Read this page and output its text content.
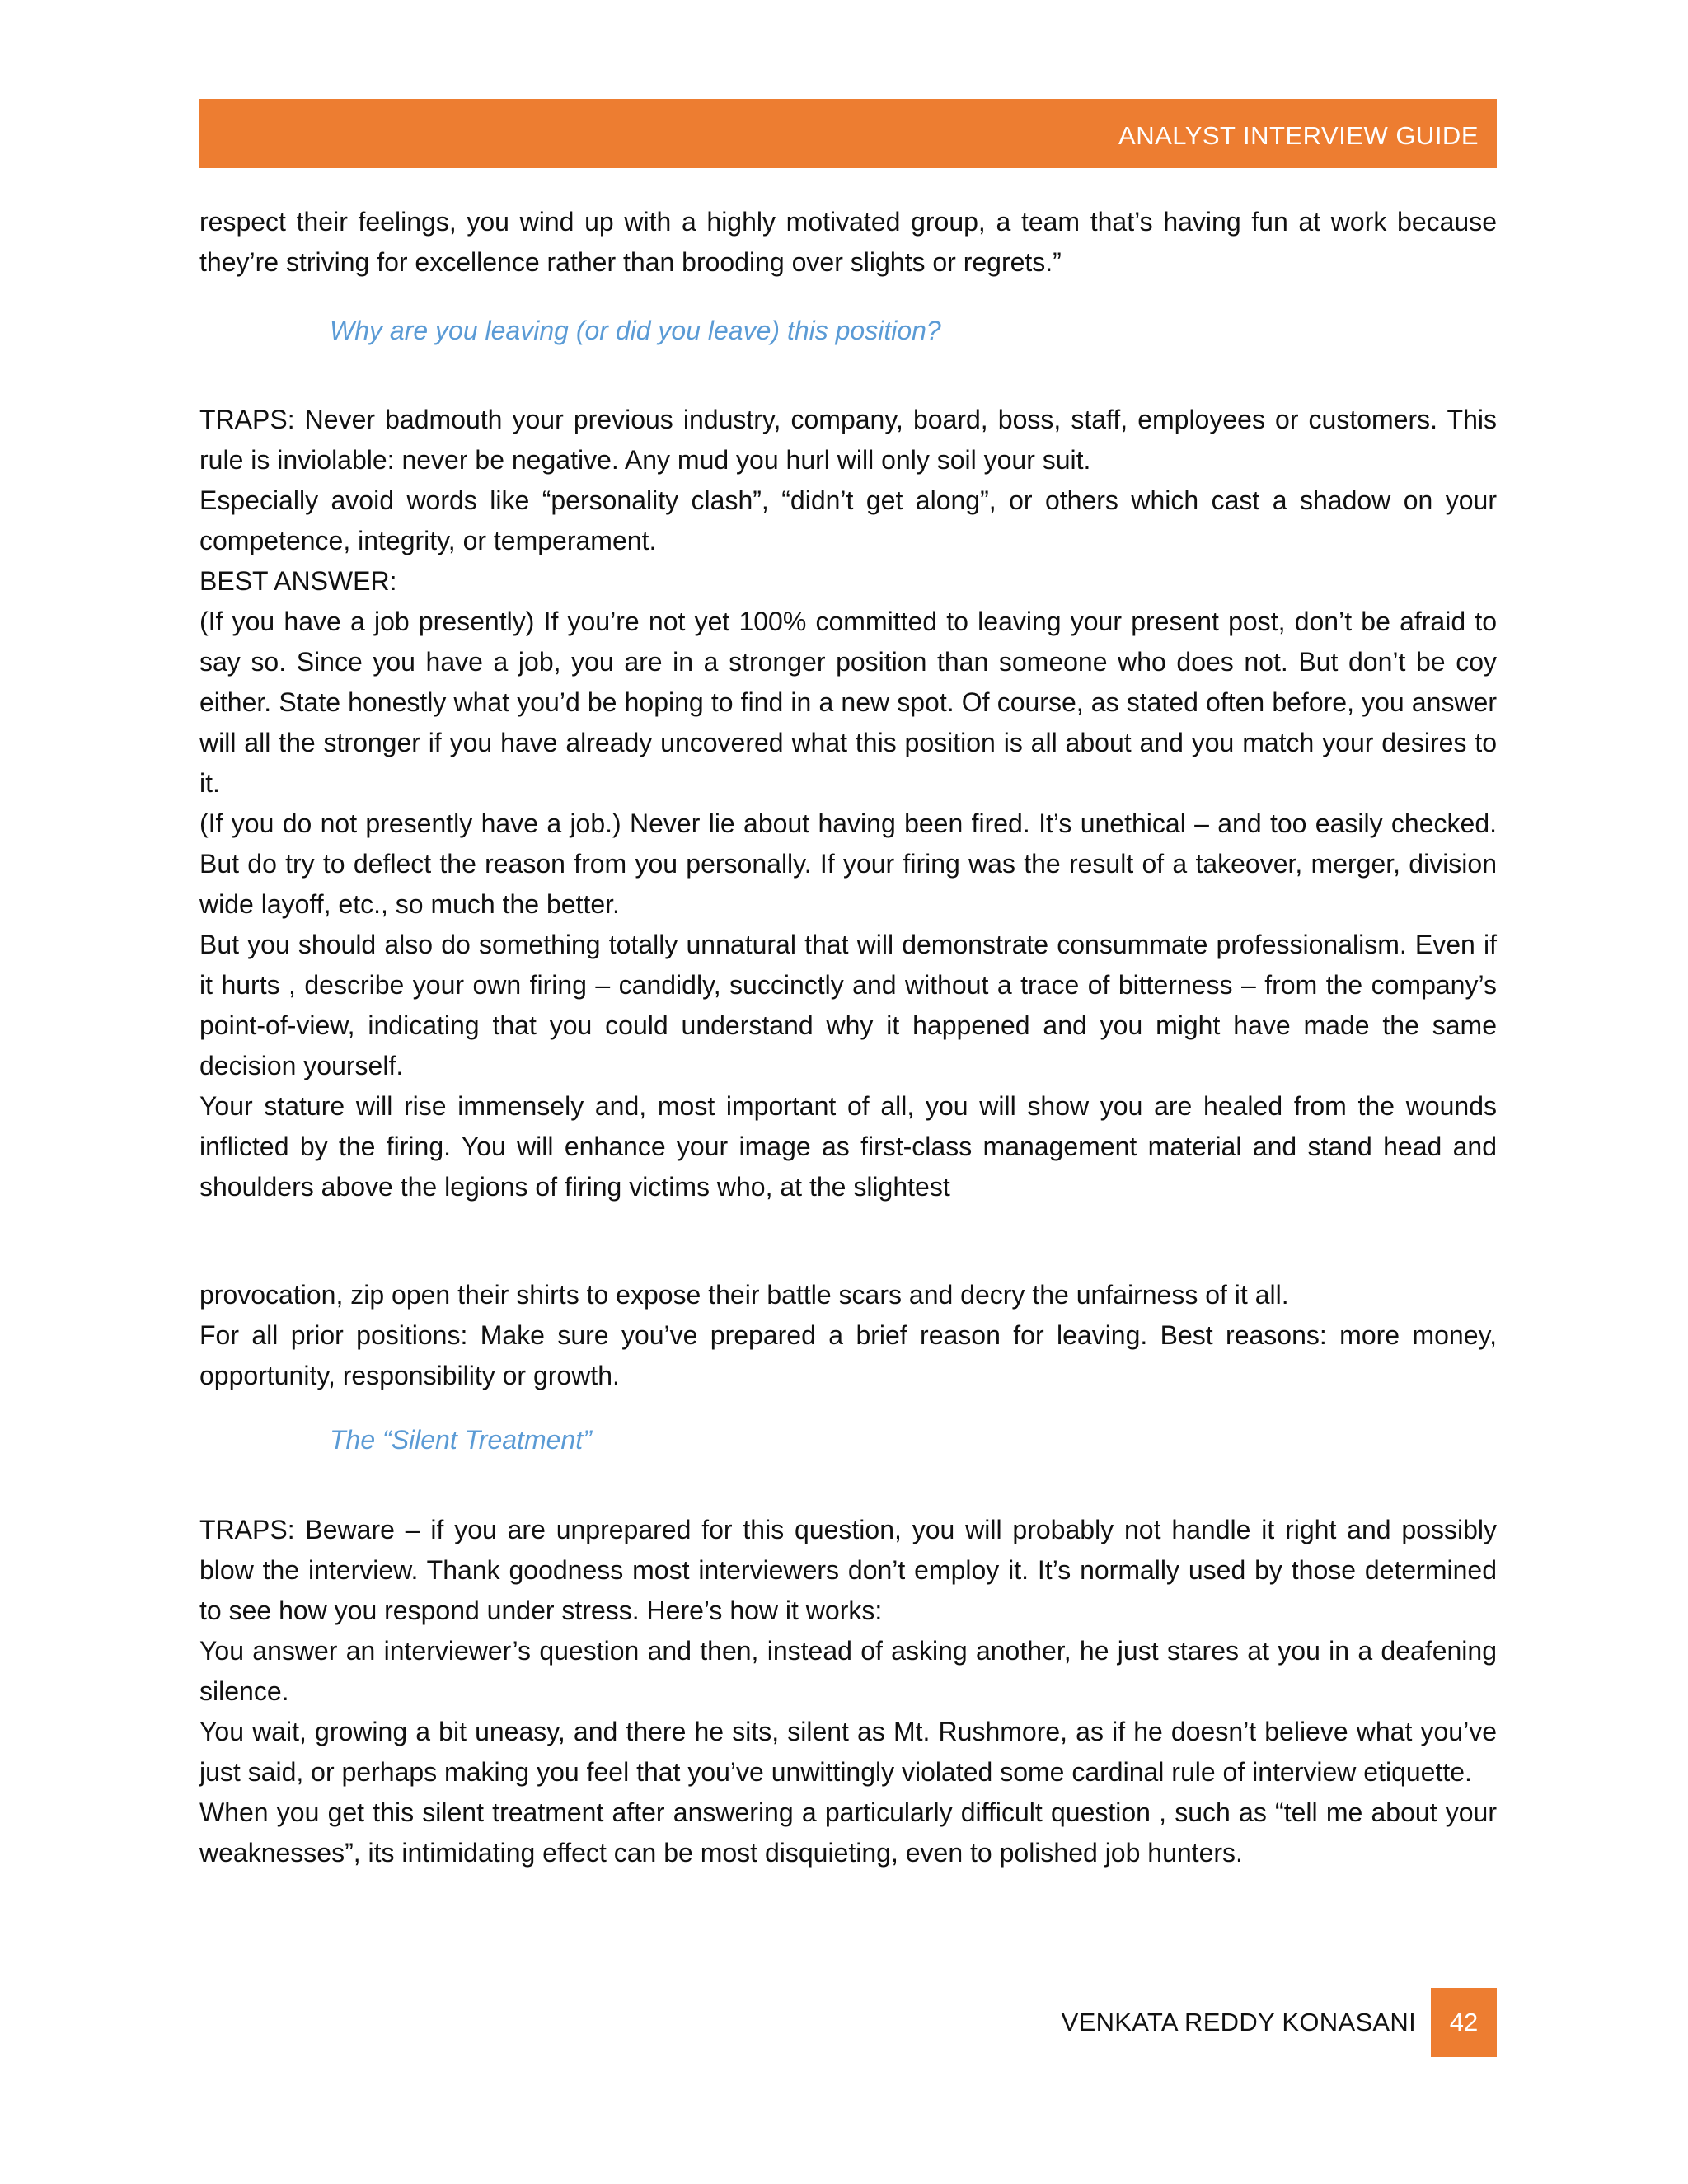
ANALYST INTERVIEW GUIDE

respect their feelings, you wind up with a highly motivated group, a team that’s having fun at work because they’re striving for excellence rather than brooding over slights or regrets.”

Why are you leaving (or did you leave) this position?

TRAPS: Never badmouth your previous industry, company, board, boss, staff, employees or customers. This rule is inviolable: never be negative. Any mud you hurl will only soil your suit.

Especially avoid words like “personality clash”, “didn’t get along”, or others which cast a shadow on your competence, integrity, or temperament.

BEST ANSWER:

(If you have a job presently) If you’re not yet 100% committed to leaving your present post, don’t be afraid to say so. Since you have a job, you are in a stronger position than someone who does not. But don’t be coy either. State honestly what you’d be hoping to find in a new spot. Of course, as stated often before, you answer will all the stronger if you have already uncovered what this position is all about and you match your desires to it.

(If you do not presently have a job.) Never lie about having been fired. It’s unethical – and too easily checked. But do try to deflect the reason from you personally. If your firing was the result of a takeover, merger, division wide layoff, etc., so much the better.

But you should also do something totally unnatural that will demonstrate consummate professionalism. Even if it hurts , describe your own firing – candidly, succinctly and without a trace of bitterness – from the company’s point-of-view, indicating that you could understand why it happened and you might have made the same decision yourself.

Your stature will rise immensely and, most important of all, you will show you are healed from the wounds inflicted by the firing. You will enhance your image as first-class management material and stand head and shoulders above the legions of firing victims who, at the slightest

provocation, zip open their shirts to expose their battle scars and decry the unfairness of it all.

For all prior positions: Make sure you’ve prepared a brief reason for leaving. Best reasons: more money, opportunity, responsibility or growth.

The “Silent Treatment”

TRAPS: Beware – if you are unprepared for this question, you will probably not handle it right and possibly blow the interview. Thank goodness most interviewers don’t employ it. It’s normally used by those determined to see how you respond under stress. Here’s how it works:

You answer an interviewer’s question and then, instead of asking another, he just stares at you in a deafening silence.

You wait, growing a bit uneasy, and there he sits, silent as Mt. Rushmore, as if he doesn’t believe what you’ve just said, or perhaps making you feel that you’ve unwittingly violated some cardinal rule of interview etiquette.

When you get this silent treatment after answering a particularly difficult question , such as “tell me about your weaknesses”, its intimidating effect can be most disquieting, even to polished job hunters.

VENKATA REDDY KONASANI	42
